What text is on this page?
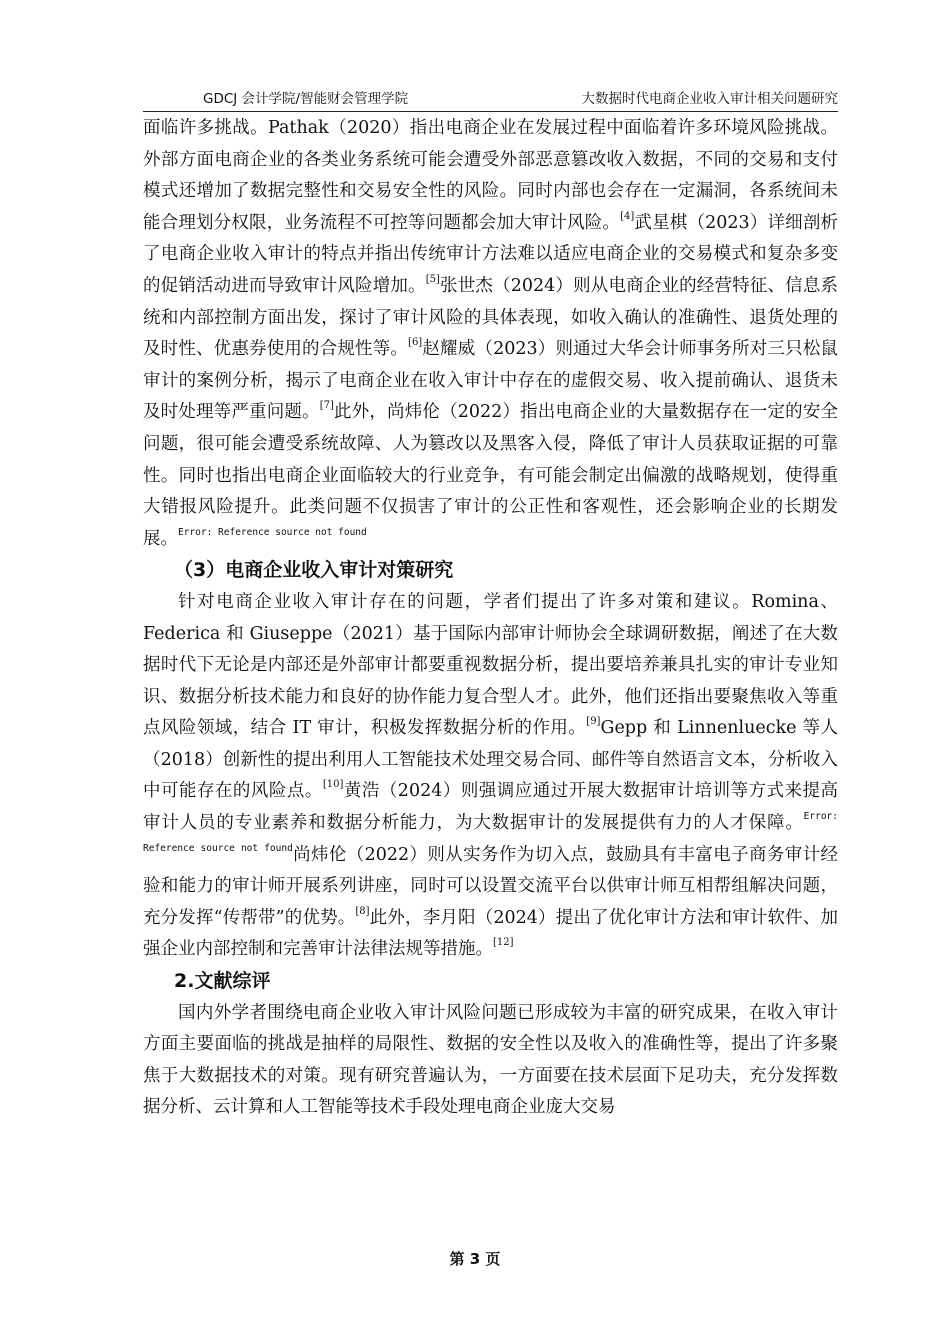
GDCJ 会计学院/智能财会管理学院	大数据时代电商企业收入审计相关问题研究

面临许多挑战。Pathak（2020）指出电商企业在发展过程中面临着许多环境风险挑战。外部方面电商企业的各类业务系统可能会遭受外部恶意篡改收入数据，不同的交易和支付模式还增加了数据完整性和交易安全性的风险。同时内部也会存在一定漏洞，各系统间未能合理划分权限，业务流程不可控等问题都会加大审计风险。[4]武星棋（2023）详细剖析了电商企业收入审计的特点并指出传统审计方法难以适应电商企业的交易模式和复杂多变的促销活动进而导致审计风险增加。[5]张世杰（2024）则从电商企业的经营特征、信息系统和内部控制方面出发，探讨了审计风险的具体表现，如收入确认的准确性、退货处理的及时性、优惠券使用的合规性等。[6]赵耀威（2023）则通过大华会计师事务所对三只松鼠审计的案例分析，揭示了电商企业在收入审计中存在的虚假交易、收入提前确认、退货未及时处理等严重问题。[7]此外，尚炜伦（2022）指出电商企业的大量数据存在一定的安全问题，很可能会遭受系统故障、人为篡改以及黑客入侵，降低了审计人员获取证据的可靠性。同时也指出电商企业面临较大的行业竞争，有可能会制定出偏激的战略规划，使得重大错报风险提升。此类问题不仅损害了审计的公正性和客观性，还会影响企业的长期发展。$^{Error: Reference source not found}$

（3）电商企业收入审计对策研究

针对电商企业收入审计存在的问题，学者们提出了许多对策和建议。Romina、Federica 和 Giuseppe（2021）基于国际内部审计师协会全球调研数据，阐述了在大数据时代下无论是内部还是外部审计都要重视数据分析，提出要培养兼具扎实的审计专业知识、数据分析技术能力和良好的协作能力复合型人才。此外，他们还指出要聚焦收入等重点风险领域，结合 IT 审计，积极发挥数据分析的作用。[9]Gepp 和 Linnenluecke 等人（2018）创新性的提出利用人工智能技术处理交易合同、邮件等自然语言文本，分析收入中可能存在的风险点。[10]黄浩（2024）则强调应通过开展大数据审计培训等方式来提高审计人员的专业素养和数据分析能力，为大数据审计的发展提供有力的人才保障。$^{Error: Reference source not found}$尚炜伦（2022）则从实务作为切入点，鼓励具有丰富电子商务审计经验和能力的审计师开展系列讲座，同时可以设置交流平台以供审计师互相帮组解决问题，充分发挥“传帮带”的优势。[8]此外，李月阳（2024）提出了优化审计方法和审计软件、加强企业内部控制和完善审计法律法规等措施。[12]

2.文献综评

国内外学者围绕电商企业收入审计风险问题已形成较为丰富的研究成果，在收入审计方面主要面临的挑战是抽样的局限性、数据的安全性以及收入的准确性等，提出了许多聚焦于大数据技术的对策。现有研究普遍认为，一方面要在技术层面下足功夫，充分发挥数据分析、云计算和人工智能等技术手段处理电商企业庞大交易

第 3 页
